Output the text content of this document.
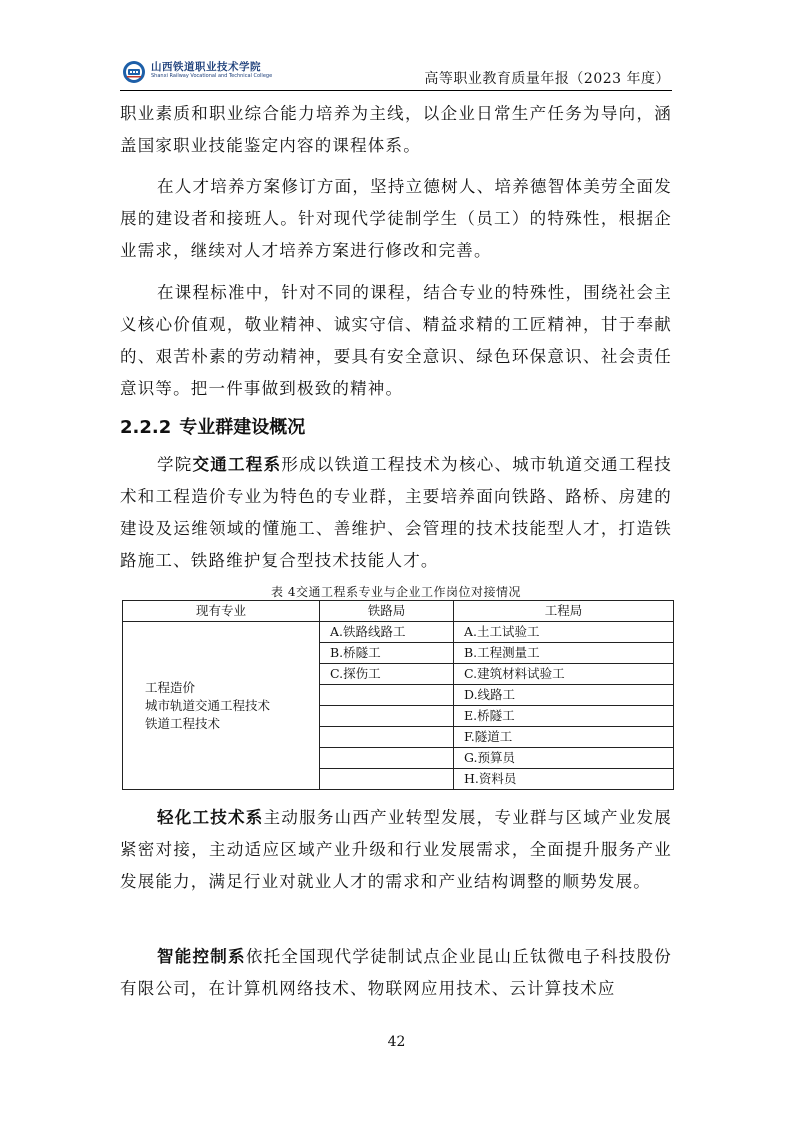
山西铁道职业技术学院
Shanxi Railway Vocational and Technical College	高等职业教育质量年报（2023 年度）

职业素质和职业综合能力培养为主线，以企业日常生产任务为导向，涵盖国家职业技能鉴定内容的课程体系。

在人才培养方案修订方面，坚持立德树人、培养德智体美劳全面发展的建设者和接班人。针对现代学徒制学生（员工）的特殊性，根据企业需求，继续对人才培养方案进行修改和完善。

在课程标准中，针对不同的课程，结合专业的特殊性，围绕社会主义核心价值观，敬业精神、诚实守信、精益求精的工匠精神，甘于奉献的、艰苦朴素的劳动精神，要具有安全意识、绿色环保意识、社会责任意识等。把一件事做到极致的精神。

2.2.2 专业群建设概况

学院交通工程系形成以铁道工程技术为核心、城市轨道交通工程技术和工程造价专业为特色的专业群，主要培养面向铁路、路桥、房建的建设及运维领域的懂施工、善维护、会管理的技术技能型人才，打造铁路施工、铁路维护复合型技术技能人才。

表 4交通工程系专业与企业工作岗位对接情况
现有专业	铁路局	工程局

工程造价
城市轨道交通工程技术
铁道工程技术	A.铁路线路工	A.土工试验工
	B.桥隧工	B.工程测量工
	C.探伤工	C.建筑材料试验工
		D.线路工
		E.桥隧工
		F.隧道工
		G.预算员
		H.资料员

轻化工技术系主动服务山西产业转型发展，专业群与区域产业发展紧密对接，主动适应区域产业升级和行业发展需求，全面提升服务产业发展能力，满足行业对就业人才的需求和产业结构调整的顺势发展。

智能控制系依托全国现代学徒制试点企业昆山丘钛微电子科技股份有限公司，在计算机网络技术、物联网应用技术、云计算技术应

42
